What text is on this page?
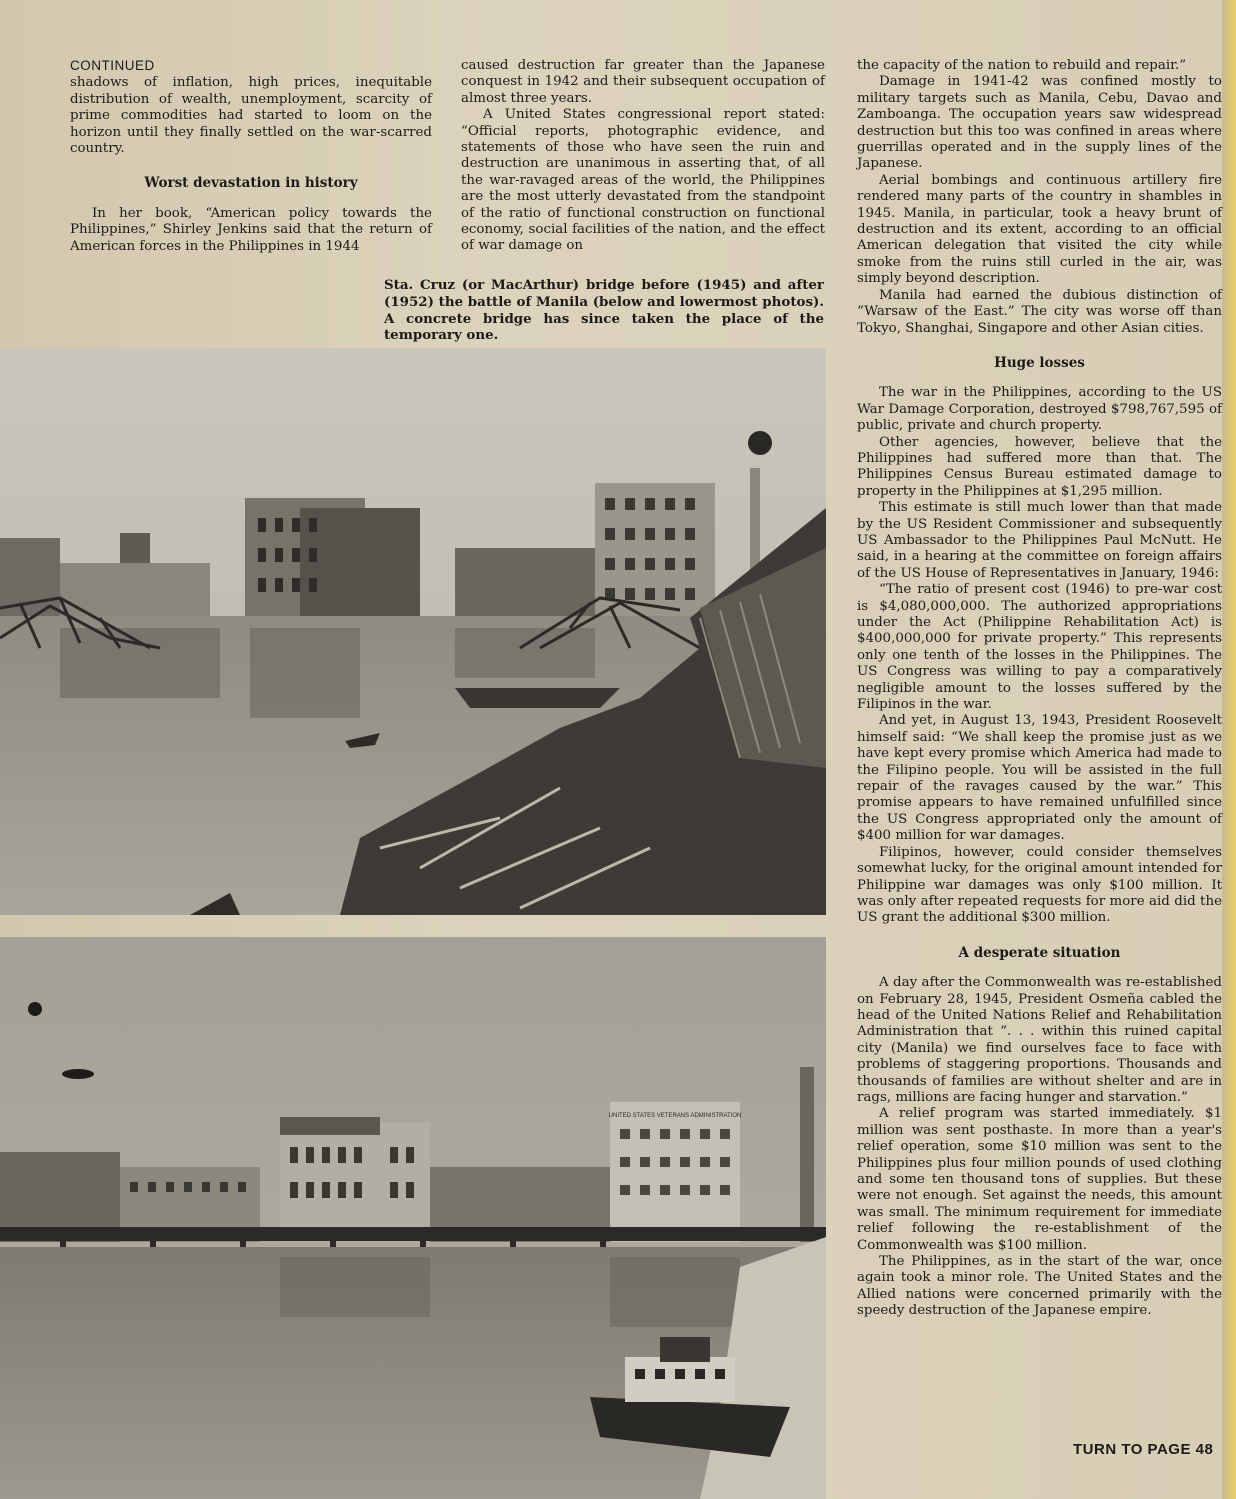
CONTINUED

shadows of inflation, high prices, inequitable distribution of wealth, unemployment, scarcity of prime commodities had started to loom on the horizon until they finally settled on the war-scarred country.

Worst devastation in history

In her book, “American policy towards the Philippines,” Shirley Jenkins said that the return of American forces in the Philippines in 1944

caused destruction far greater than the Japanese conquest in 1942 and their subsequent occupation of almost three years.

A United States congressional report stated: “Official reports, photographic evidence, and statements of those who have seen the ruin and destruction are unanimous in asserting that, of all the war-ravaged areas of the world, the Philippines are the most utterly devastated from the standpoint of the ratio of functional construction on functional economy, social facilities of the nation, and the effect of war damage on

Sta. Cruz (or MacArthur) bridge before (1945) and after (1952) the battle of Manila (below and lowermost photos). A concrete bridge has since taken the place of the temporary one.
UNITED STATES VETERANS ADMINISTRATION

the capacity of the nation to rebuild and repair.”

Damage in 1941-42 was confined mostly to military targets such as Manila, Cebu, Davao and Zamboanga. The occupation years saw widespread destruction but this too was confined in areas where guerrillas operated and in the supply lines of the Japanese.

Aerial bombings and continuous artillery fire rendered many parts of the country in shambles in 1945. Manila, in particular, took a heavy brunt of destruction and its extent, according to an official American delegation that visited the city while smoke from the ruins still curled in the air, was simply beyond description.

Manila had earned the dubious distinction of “Warsaw of the East.” The city was worse off than Tokyo, Shanghai, Singapore and other Asian cities.

Huge losses

The war in the Philippines, according to the US War Damage Corporation, destroyed $798,767,595 of public, private and church property.

Other agencies, however, believe that the Philippines had suffered more than that. The Philippines Census Bureau estimated damage to property in the Philippines at $1,295 million.

This estimate is still much lower than that made by the US Resident Commissioner and subsequently US Ambassador to the Philippines Paul McNutt. He said, in a hearing at the committee on foreign affairs of the US House of Representatives in January, 1946:

“The ratio of present cost (1946) to pre-war cost is $4,080,000,000. The authorized appropriations under the Act (Philippine Rehabilitation Act) is $400,000,000 for private property.” This represents only one tenth of the losses in the Philippines. The US Congress was willing to pay a comparatively negligible amount to the losses suffered by the Filipinos in the war.

And yet, in August 13, 1943, President Roosevelt himself said: “We shall keep the promise just as we have kept every promise which America had made to the Filipino people. You will be assisted in the full repair of the ravages caused by the war.” This promise appears to have remained unfulfilled since the US Congress appropriated only the amount of $400 million for war damages.

Filipinos, however, could consider themselves somewhat lucky, for the original amount intended for Philippine war damages was only $100 million. It was only after repeated requests for more aid did the US grant the additional $300 million.

A desperate situation

A day after the Commonwealth was re-established on February 28, 1945, President Osmeña cabled the head of the United Nations Relief and Rehabilitation Administration that “. . . within this ruined capital city (Manila) we find ourselves face to face with problems of staggering proportions. Thousands and thousands of families are without shelter and are in rags, millions are facing hunger and starvation.”

A relief program was started immediately. $1 million was sent posthaste. In more than a year's relief operation, some $10 million was sent to the Philippines plus four million pounds of used clothing and some ten thousand tons of supplies. But these were not enough. Set against the needs, this amount was small. The minimum requirement for immediate relief following the re-establishment of the Commonwealth was $100 million.

The Philippines, as in the start of the war, once again took a minor role. The United States and the Allied nations were concerned primarily with the speedy destruction of the Japanese empire.

TURN TO PAGE 48
